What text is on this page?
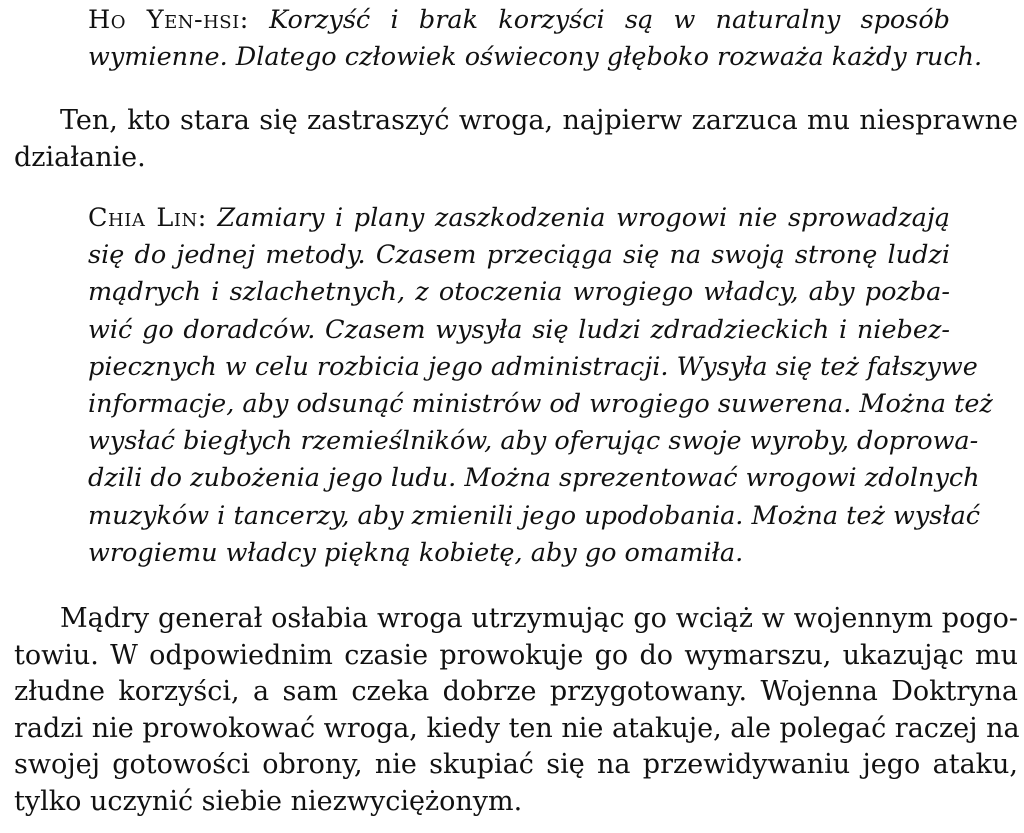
Ho Yen-hsi: Korzyść i brak korzyści są w naturalny sposób
wymienne. Dlatego człowiek oświecony głęboko rozważa każdy ruch.
Ten, kto stara się zastraszyć wroga, najpierw zarzuca mu niesprawne
działanie.
Chia Lin: Zamiary i plany zaszkodzenia wrogowi nie sprowadzają
się do jednej metody. Czasem przeciąga się na swoją stronę ludzi
mądrych i szlachetnych, z otoczenia wrogiego władcy, aby pozba-
wić go doradców. Czasem wysyła się ludzi zdradzieckich i niebez-
piecznych w celu rozbicia jego administracji. Wysyła się też fałszywe
informacje, aby odsunąć ministrów od wrogiego suwerena. Można też
wysłać biegłych rzemieślników, aby oferując swoje wyroby, doprowa-
dzili do zubożenia jego ludu. Można sprezentować wrogowi zdolnych
muzyków i tancerzy, aby zmienili jego upodobania. Można też wysłać
wrogiemu władcy piękną kobietę, aby go omamiła.
Mądry generał osłabia wroga utrzymując go wciąż w wojennym pogo-
towiu. W odpowiednim czasie prowokuje go do wymarszu, ukazując mu
złudne korzyści, a sam czeka dobrze przygotowany. Wojenna Doktryna
radzi nie prowokować wroga, kiedy ten nie atakuje, ale polegać raczej na
swojej gotowości obrony, nie skupiać się na przewidywaniu jego ataku,
tylko uczynić siebie niezwyciężonym.
